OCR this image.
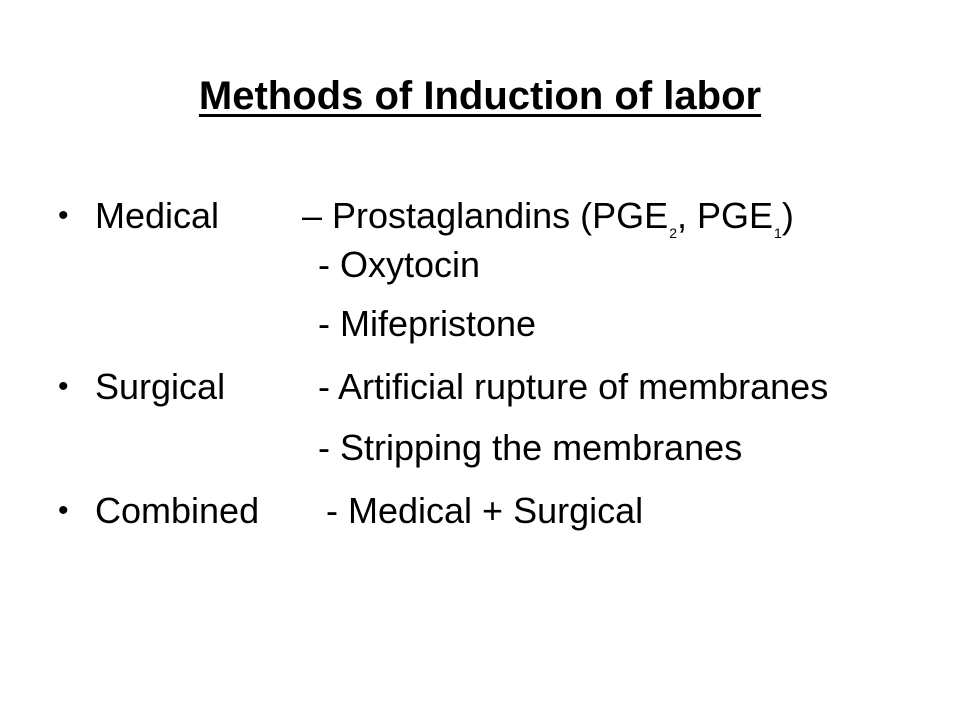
Methods of Induction of labor
• Medical – Prostaglandins ($PGE_2$, $PGE_1$)
- Oxytocin
- Mifepristone
• Surgical	- Artificial rupture of membranes
- Stripping the membranes
• Combined - Medical + Surgical
